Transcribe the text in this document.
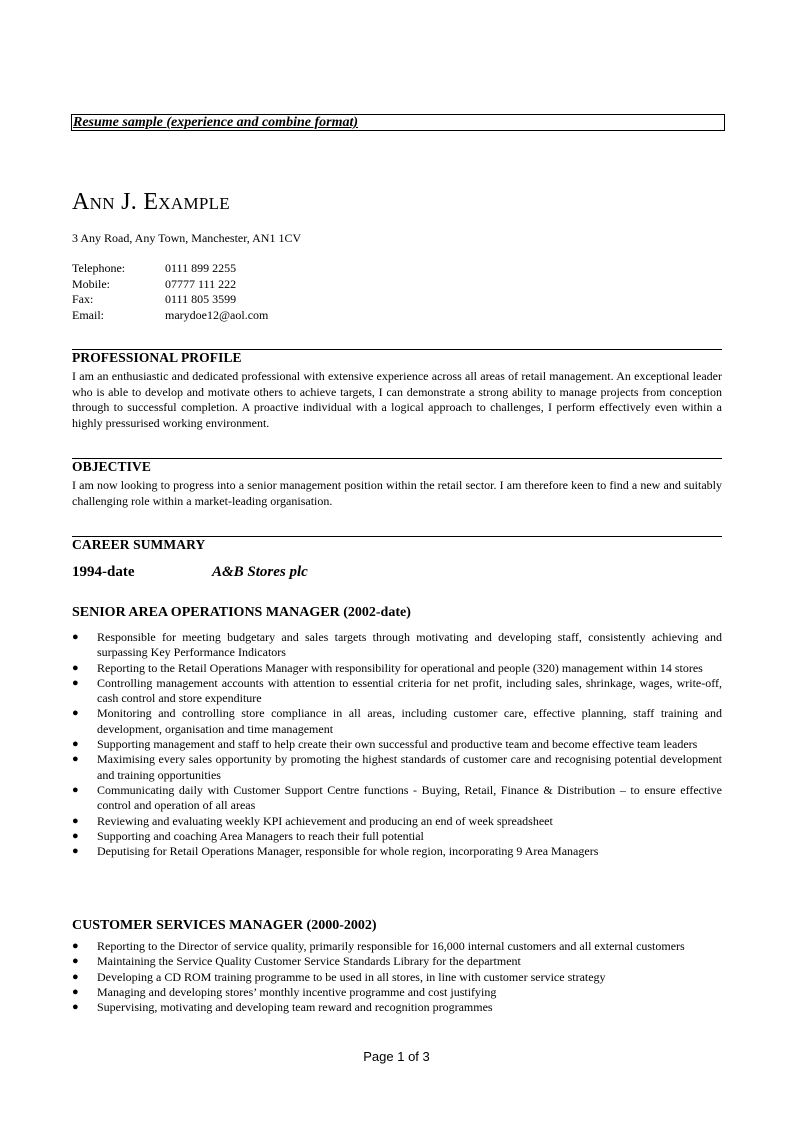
Resume sample (experience and combine format)
Ann J. Example
3 Any Road, Any Town, Manchester, AN1 1CV
Telephone:	0111 899 2255
Mobile:	07777 111 222
Fax:	0111 805 3599
Email:	marydoe12@aol.com
PROFESSIONAL PROFILE
I am an enthusiastic and dedicated professional with extensive experience across all areas of retail management. An exceptional leader who is able to develop and motivate others to achieve targets, I can demonstrate a strong ability to manage projects from conception through to successful completion. A proactive individual with a logical approach to challenges, I perform effectively even within a highly pressurised working environment.
OBJECTIVE
I am now looking to progress into a senior management position within the retail sector. I am therefore keen to find a new and suitably challenging role within a market-leading organisation.
CAREER SUMMARY
1994-date	A&B Stores plc
SENIOR AREA OPERATIONS MANAGER (2002-date)
● Responsible for meeting budgetary and sales targets through motivating and developing staff, consistently achieving and surpassing Key Performance Indicators
● Reporting to the Retail Operations Manager with responsibility for operational and people (320) management within 14 stores
● Controlling management accounts with attention to essential criteria for net profit, including sales, shrinkage, wages, write-off, cash control and store expenditure
● Monitoring and controlling store compliance in all areas, including customer care, effective planning, staff training and development, organisation and time management
● Supporting management and staff to help create their own successful and productive team and become effective team leaders
● Maximising every sales opportunity by promoting the highest standards of customer care and recognising potential development and training opportunities
● Communicating daily with Customer Support Centre functions - Buying, Retail, Finance & Distribution – to ensure effective control and operation of all areas
● Reviewing and evaluating weekly KPI achievement and producing an end of week spreadsheet
● Supporting and coaching Area Managers to reach their full potential
● Deputising for Retail Operations Manager, responsible for whole region, incorporating 9 Area Managers
CUSTOMER SERVICES MANAGER (2000-2002)
● Reporting to the Director of service quality, primarily responsible for 16,000 internal customers and all external customers
● Maintaining the Service Quality Customer Service Standards Library for the department
● Developing a CD ROM training programme to be used in all stores, in line with customer service strategy
● Managing and developing stores’ monthly incentive programme and cost justifying
● Supervising, motivating and developing team reward and recognition programmes
Page 1 of 3
